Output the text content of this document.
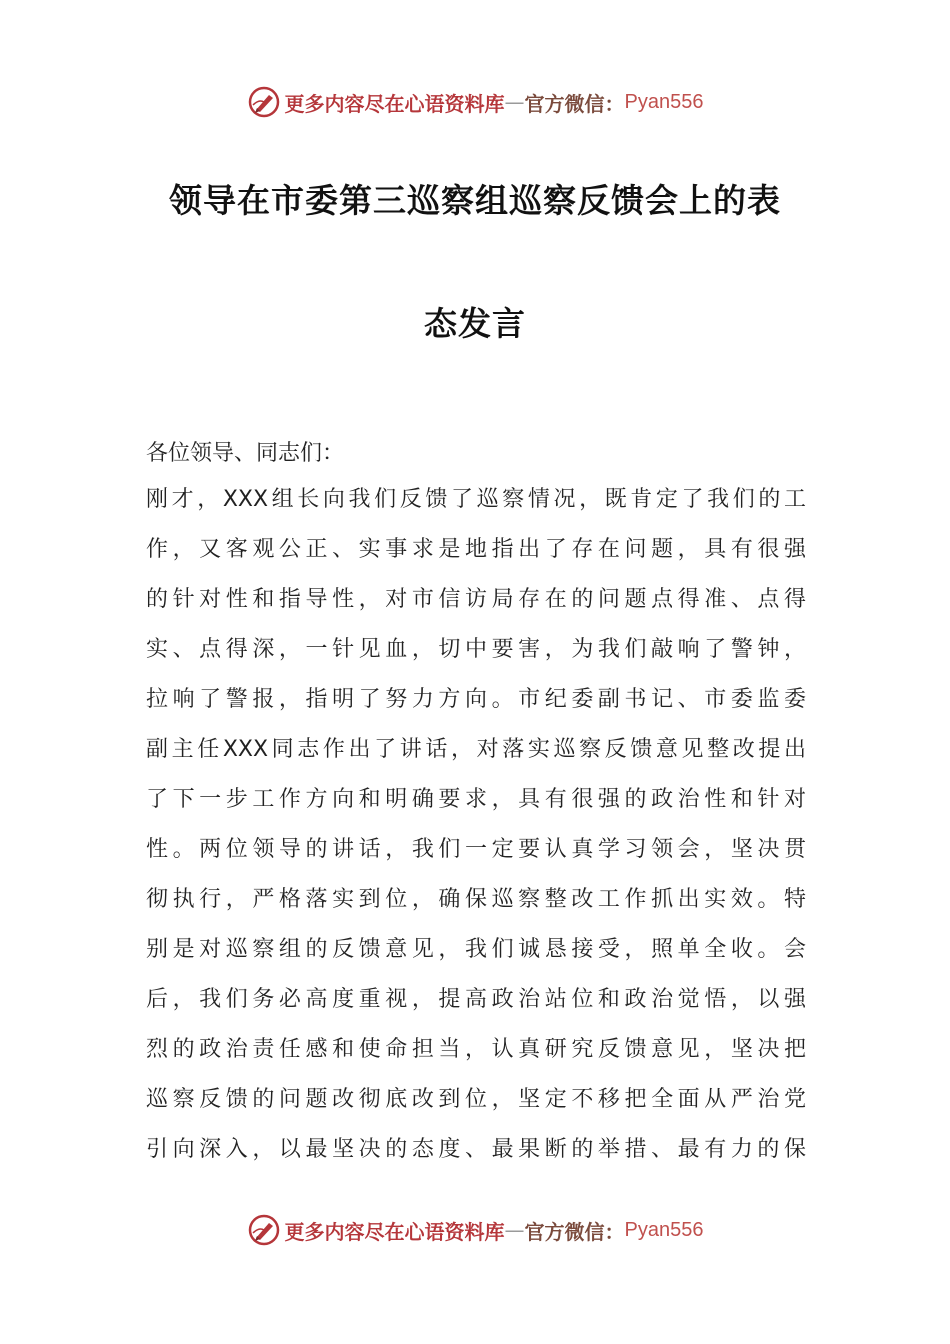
更多内容尽在心语资料库 — 官方微信： Pyan556
领导在市委第三巡察组巡察反馈会上的表
态发言
各位领导、同志们：
刚才，XXX组长向我们反馈了巡察情况，既肯定了我们的工
作，又客观公正、实事求是地指出了存在问题，具有很强
的针对性和指导性，对市信访局存在的问题点得准、点得
实、点得深，一针见血，切中要害，为我们敲响了警钟，
拉响了警报，指明了努力方向。市纪委副书记、市委监委
副主任XXX同志作出了讲话，对落实巡察反馈意见整改提出
了下一步工作方向和明确要求，具有很强的政治性和针对
性。两位领导的讲话，我们一定要认真学习领会，坚决贯
彻执行，严格落实到位，确保巡察整改工作抓出实效。特
别是对巡察组的反馈意见，我们诚恳接受，照单全收。会
后，我们务必高度重视，提高政治站位和政治觉悟，以强
烈的政治责任感和使命担当，认真研究反馈意见，坚决把
巡察反馈的问题改彻底改到位，坚定不移把全面从严治党
引向深入，以最坚决的态度、最果断的举措、最有力的保
更多内容尽在心语资料库 — 官方微信： Pyan556
